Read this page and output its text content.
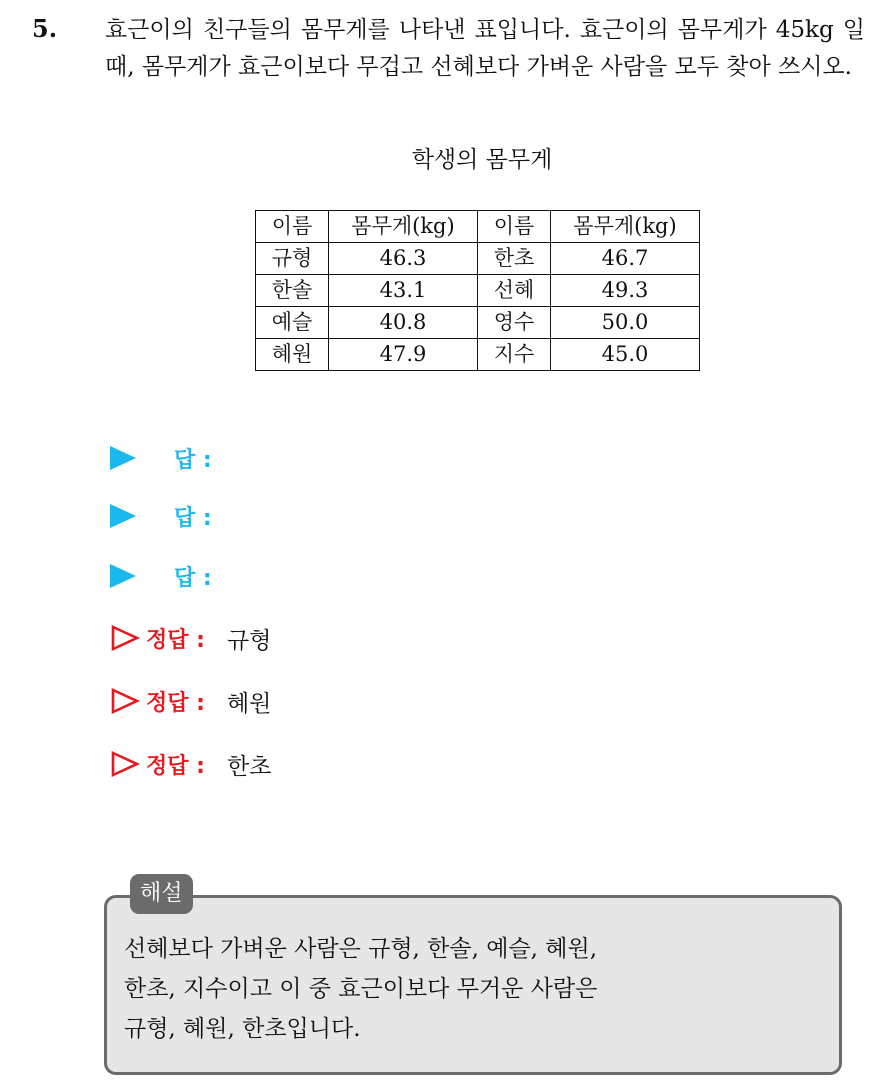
5. 효근이의 친구들의 몸무게를 나타낸 표입니다. 효근이의 몸무게가 45kg 일 때, 몸무게가 효근이보다 무겁고 선혜보다 가벼운 사람을 모두 찾아 쓰시오.
학생의 몸무게
이름	몸무게(kg)	이름	몸무게(kg)
규형	46.3	한초	46.7
한솔	43.1	선혜	49.3
예슬	40.8	영수	50.0
혜원	47.9	지수	45.0
답 :
답 :
답 :
정답 : 규형
정답 : 혜원
정답 : 한초
해설
선혜보다 가벼운 사람은 규형, 한솔, 예슬, 혜원,
한초, 지수이고 이 중 효근이보다 무거운 사람은
규형, 혜원, 한초입니다.
